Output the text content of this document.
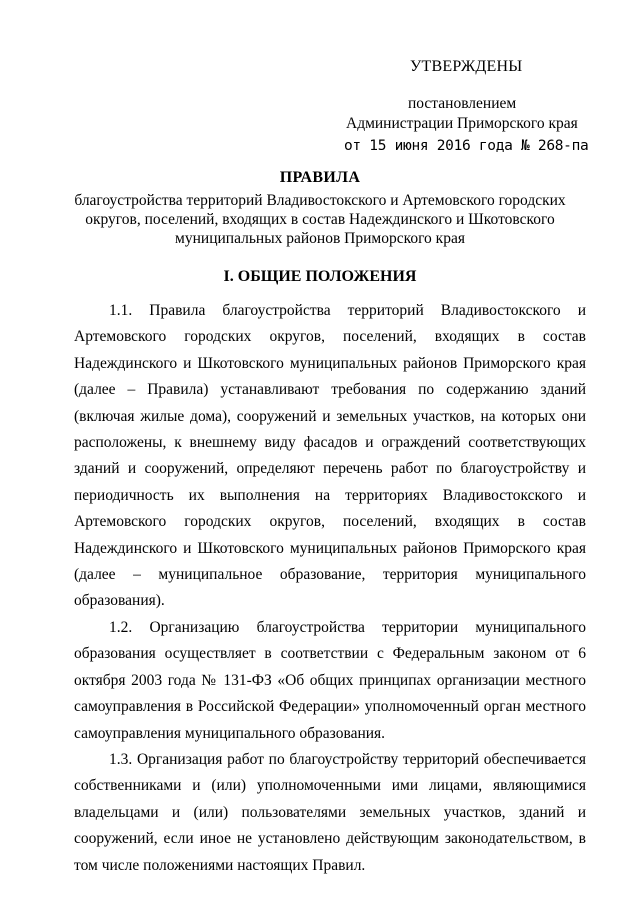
УТВЕРЖДЕНЫ
постановлением
Администрации Приморского края
от 15 июня 2016 года № 268-па
ПРАВИЛА
благоустройства территорий Владивостокского и Артемовского городских округов, поселений, входящих в состав Надеждинского и Шкотовского муниципальных районов Приморского края
I. ОБЩИЕ ПОЛОЖЕНИЯ

1.1. Правила благоустройства территорий Владивостокского и Артемовского городских округов, поселений, входящих в состав Надеждинского и Шкотовского муниципальных районов Приморского края (далее – Правила) устанавливают требования по содержанию зданий (включая жилые дома), сооружений и земельных участков, на которых они расположены, к внешнему виду фасадов и ограждений соответствующих зданий и сооружений, определяют перечень работ по благоустройству и периодичность их выполнения на территориях Владивостокского и Артемовского городских округов, поселений, входящих в состав Надеждинского и Шкотовского муниципальных районов Приморского края (далее – муниципальное образование, территория муниципального образования).

1.2. Организацию благоустройства территории муниципального образования осуществляет в соответствии с Федеральным законом от 6 октября 2003 года № 131-ФЗ «Об общих принципах организации местного самоуправления в Российской Федерации» уполномоченный орган местного самоуправления муниципального образования.

1.3. Организация работ по благоустройству территорий обеспечивается собственниками и (или) уполномоченными ими лицами, являющимися владельцами и (или) пользователями земельных участков, зданий и сооружений, если иное не установлено действующим законодательством, в том числе положениями настоящих Правил.
